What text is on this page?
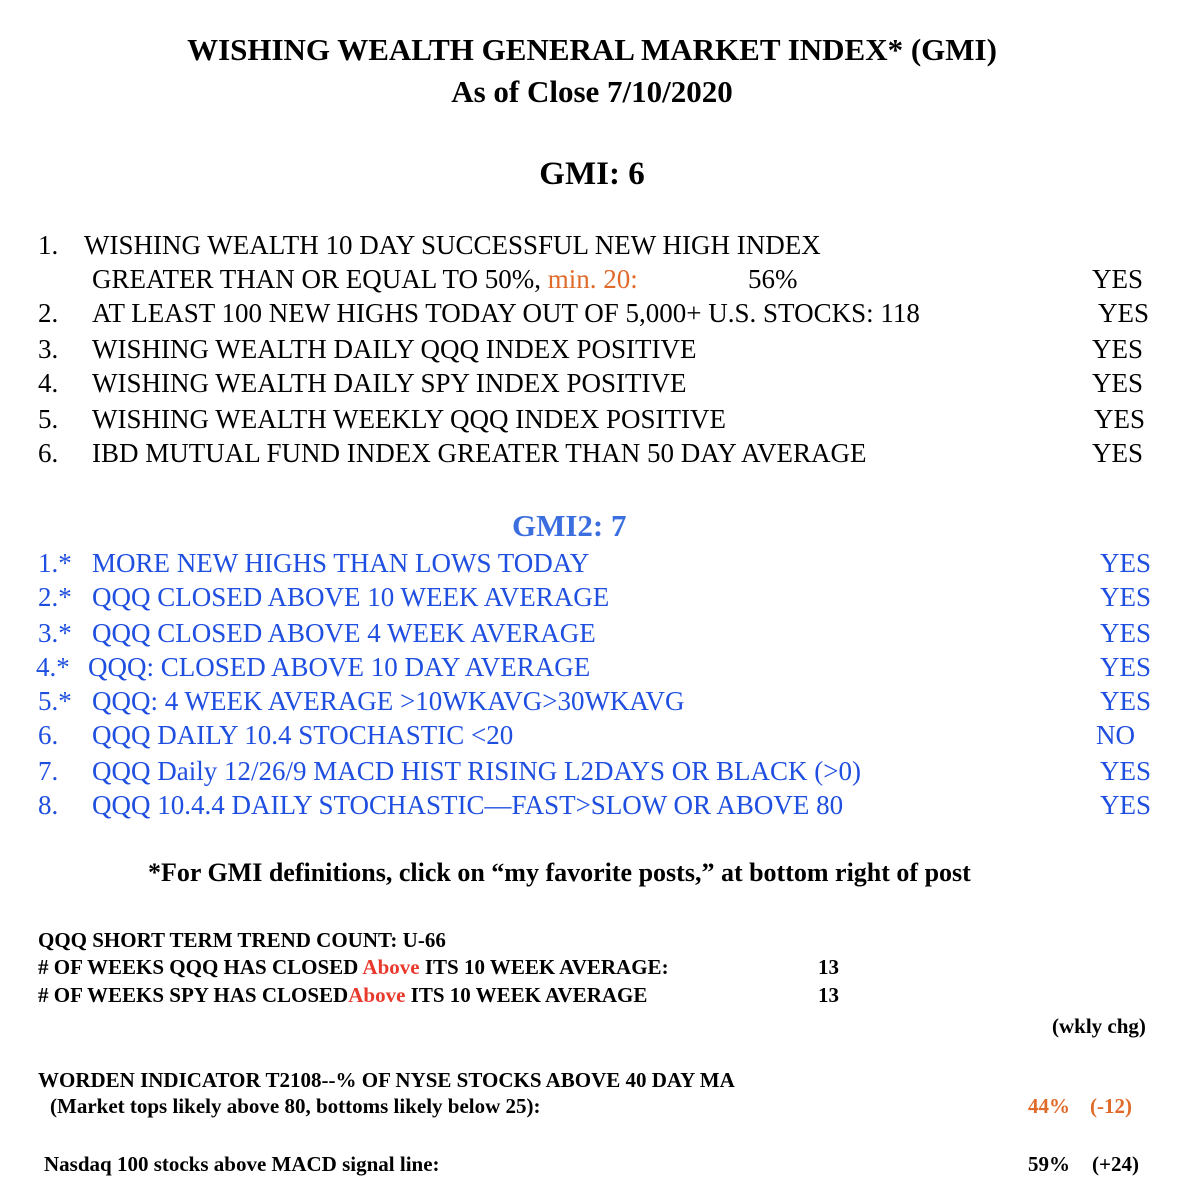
WISHING WEALTH GENERAL MARKET INDEX* (GMI)
As of Close 7/10/2020
GMI: 6
1. WISHING WEALTH 10 DAY SUCCESSFUL NEW HIGH INDEX
GREATER THAN OR EQUAL TO 50%, min. 20:	56%	YES
2. AT LEAST 100 NEW HIGHS TODAY OUT OF 5,000+ U.S. STOCKS: 118	YES
3. WISHING WEALTH DAILY QQQ INDEX POSITIVE	YES
4. WISHING WEALTH DAILY SPY INDEX POSITIVE	YES
5. WISHING WEALTH WEEKLY QQQ INDEX POSITIVE	YES
6. IBD MUTUAL FUND INDEX GREATER THAN 50 DAY AVERAGE	YES
GMI2: 7
1.* MORE NEW HIGHS THAN LOWS TODAY	YES
2.* QQQ CLOSED ABOVE 10 WEEK AVERAGE	YES
3.* QQQ CLOSED ABOVE 4 WEEK AVERAGE	YES
4.* QQQ: CLOSED ABOVE 10 DAY AVERAGE	YES
5.* QQQ: 4 WEEK AVERAGE >10WKAVG>30WKAVG	YES
6. QQQ DAILY 10.4 STOCHASTIC <20	NO
7. QQQ Daily 12/26/9 MACD HIST RISING L2DAYS OR BLACK (>0)	YES
8. QQQ 10.4.4 DAILY STOCHASTIC—FAST>SLOW OR ABOVE 80	YES
*For GMI definitions, click on “my favorite posts,” at bottom right of post
QQQ SHORT TERM TREND COUNT: U-66
# OF WEEKS QQQ HAS CLOSED Above ITS 10 WEEK AVERAGE:	13
# OF WEEKS SPY HAS CLOSEDAbove ITS 10 WEEK AVERAGE	13
(wkly chg)
WORDEN INDICATOR T2108--% OF NYSE STOCKS ABOVE 40 DAY MA
(Market tops likely above 80, bottoms likely below 25):	44% (-12)
Nasdaq 100 stocks above MACD signal line:	59% (+24)
